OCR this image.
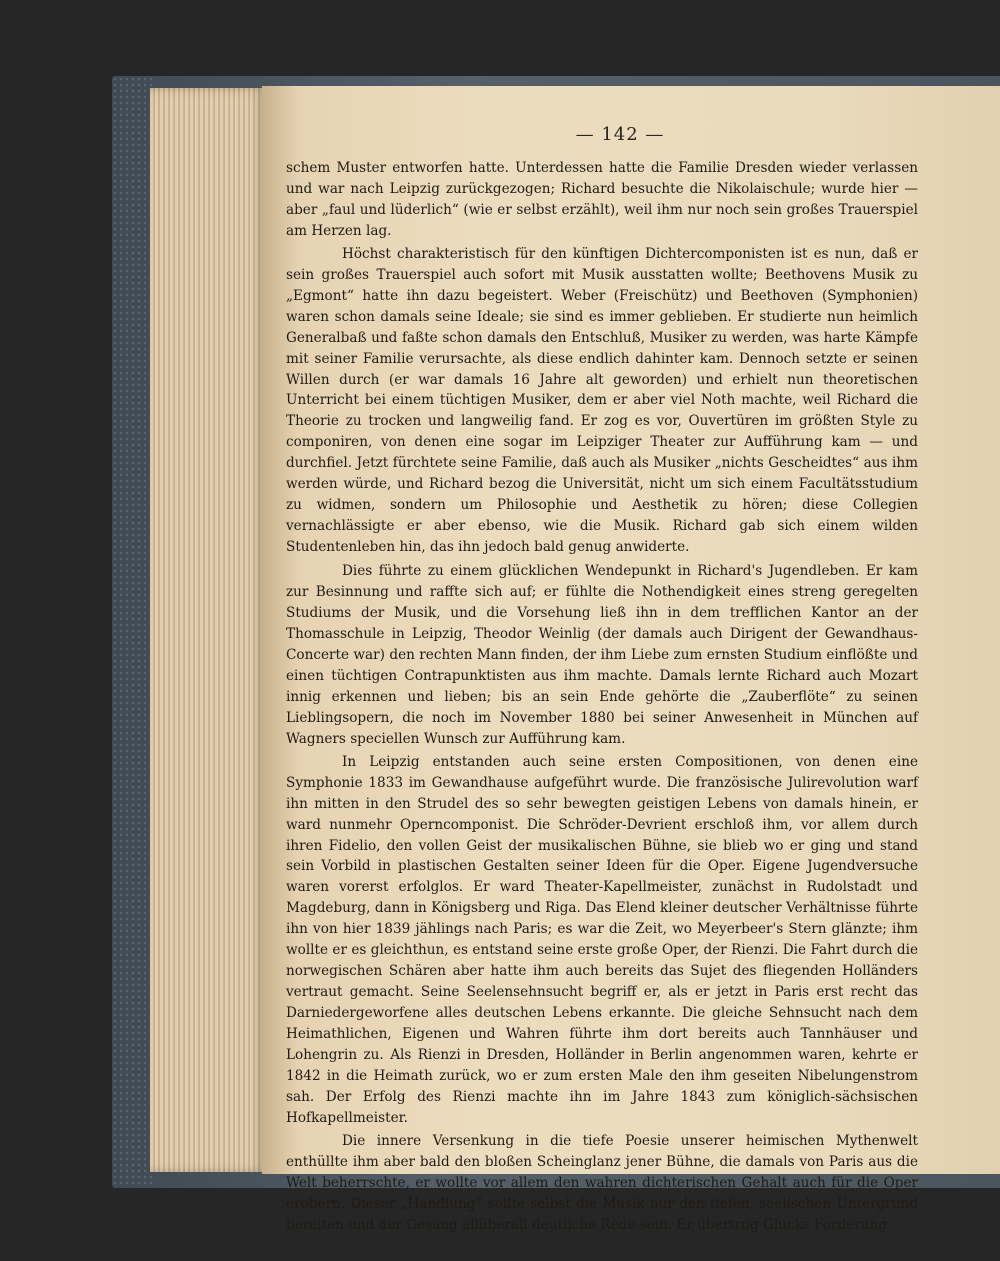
— 142 —

schem Muster entworfen hatte. Unterdessen hatte die Familie Dresden wieder verlassen und war nach Leipzig zurückgezogen; Richard besuchte die Nikolaischule; wurde hier — aber „faul und lüderlich“ (wie er selbst erzählt), weil ihm nur noch sein großes Trauerspiel am Herzen lag.

Höchst charakteristisch für den künftigen Dichtercomponisten ist es nun, daß er sein großes Trauerspiel auch sofort mit Musik ausstatten wollte; Beethovens Musik zu „Egmont“ hatte ihn dazu begeistert. Weber (Freischütz) und Beethoven (Symphonien) waren schon damals seine Ideale; sie sind es immer geblieben. Er studierte nun heimlich Generalbaß und faßte schon damals den Entschluß, Musiker zu werden, was harte Kämpfe mit seiner Familie verursachte, als diese endlich dahinter kam. Dennoch setzte er seinen Willen durch (er war damals 16 Jahre alt geworden) und erhielt nun theoretischen Unterricht bei einem tüchtigen Musiker, dem er aber viel Noth machte, weil Richard die Theorie zu trocken und langweilig fand. Er zog es vor, Ouvertüren im größten Style zu componiren, von denen eine sogar im Leipziger Theater zur Aufführung kam — und durchfiel. Jetzt fürchtete seine Familie, daß auch als Musiker „nichts Gescheidtes“ aus ihm werden würde, und Richard bezog die Universität, nicht um sich einem Facultätsstudium zu widmen, sondern um Philosophie und Aesthetik zu hören; diese Collegien vernachlässigte er aber ebenso, wie die Musik. Richard gab sich einem wilden Studentenleben hin, das ihn jedoch bald genug anwiderte.

Dies führte zu einem glücklichen Wendepunkt in Richard's Jugendleben. Er kam zur Besinnung und raffte sich auf; er fühlte die Nothendigkeit eines streng geregelten Studiums der Musik, und die Vorsehung ließ ihn in dem trefflichen Kantor an der Thomasschule in Leipzig, Theodor Weinlig (der damals auch Dirigent der Gewandhaus-Concerte war) den rechten Mann finden, der ihm Liebe zum ernsten Studium einflößte und einen tüchtigen Contrapunktisten aus ihm machte. Damals lernte Richard auch Mozart innig erkennen und lieben; bis an sein Ende gehörte die „Zauberflöte“ zu seinen Lieblingsopern, die noch im November 1880 bei seiner Anwesenheit in München auf Wagners speciellen Wunsch zur Aufführung kam.

In Leipzig entstanden auch seine ersten Compositionen, von denen eine Symphonie 1833 im Gewandhause aufgeführt wurde. Die französische Julirevolution warf ihn mitten in den Strudel des so sehr bewegten geistigen Lebens von damals hinein, er ward nunmehr Operncomponist. Die Schröder-Devrient erschloß ihm, vor allem durch ihren Fidelio, den vollen Geist der musikalischen Bühne, sie blieb wo er ging und stand sein Vorbild in plastischen Gestalten seiner Ideen für die Oper. Eigene Jugendversuche waren vorerst erfolglos. Er ward Theater-Kapellmeister, zunächst in Rudolstadt und Magdeburg, dann in Königsberg und Riga. Das Elend kleiner deutscher Verhältnisse führte ihn von hier 1839 jählings nach Paris; es war die Zeit, wo Meyerbeer's Stern glänzte; ihm wollte er es gleichthun, es entstand seine erste große Oper, der Rienzi. Die Fahrt durch die norwegischen Schären aber hatte ihm auch bereits das Sujet des fliegenden Holländers vertraut gemacht. Seine Seelensehnsucht begriff er, als er jetzt in Paris erst recht das Darniedergeworfene alles deutschen Lebens erkannte. Die gleiche Sehnsucht nach dem Heimathlichen, Eigenen und Wahren führte ihm dort bereits auch Tannhäuser und Lohengrin zu. Als Rienzi in Dresden, Holländer in Berlin angenommen waren, kehrte er 1842 in die Heimath zurück, wo er zum ersten Male den ihm geseiten Nibelungenstrom sah. Der Erfolg des Rienzi machte ihn im Jahre 1843 zum königlich-sächsischen Hofkapellmeister.

Die innere Versenkung in die tiefe Poesie unserer heimischen Mythenwelt enthüllte ihm aber bald den bloßen Scheinglanz jener Bühne, die damals von Paris aus die Welt beherrschte, er wollte vor allem den wahren dichterischen Gehalt auch für die Oper erobern. Dieser „Handlung“ sollte selbst die Musik nur den tiefen, seelischen Untergrund bereiten und der Gesang allüberall deutliche Rede sein. Er übertrug Glucks Forderung
